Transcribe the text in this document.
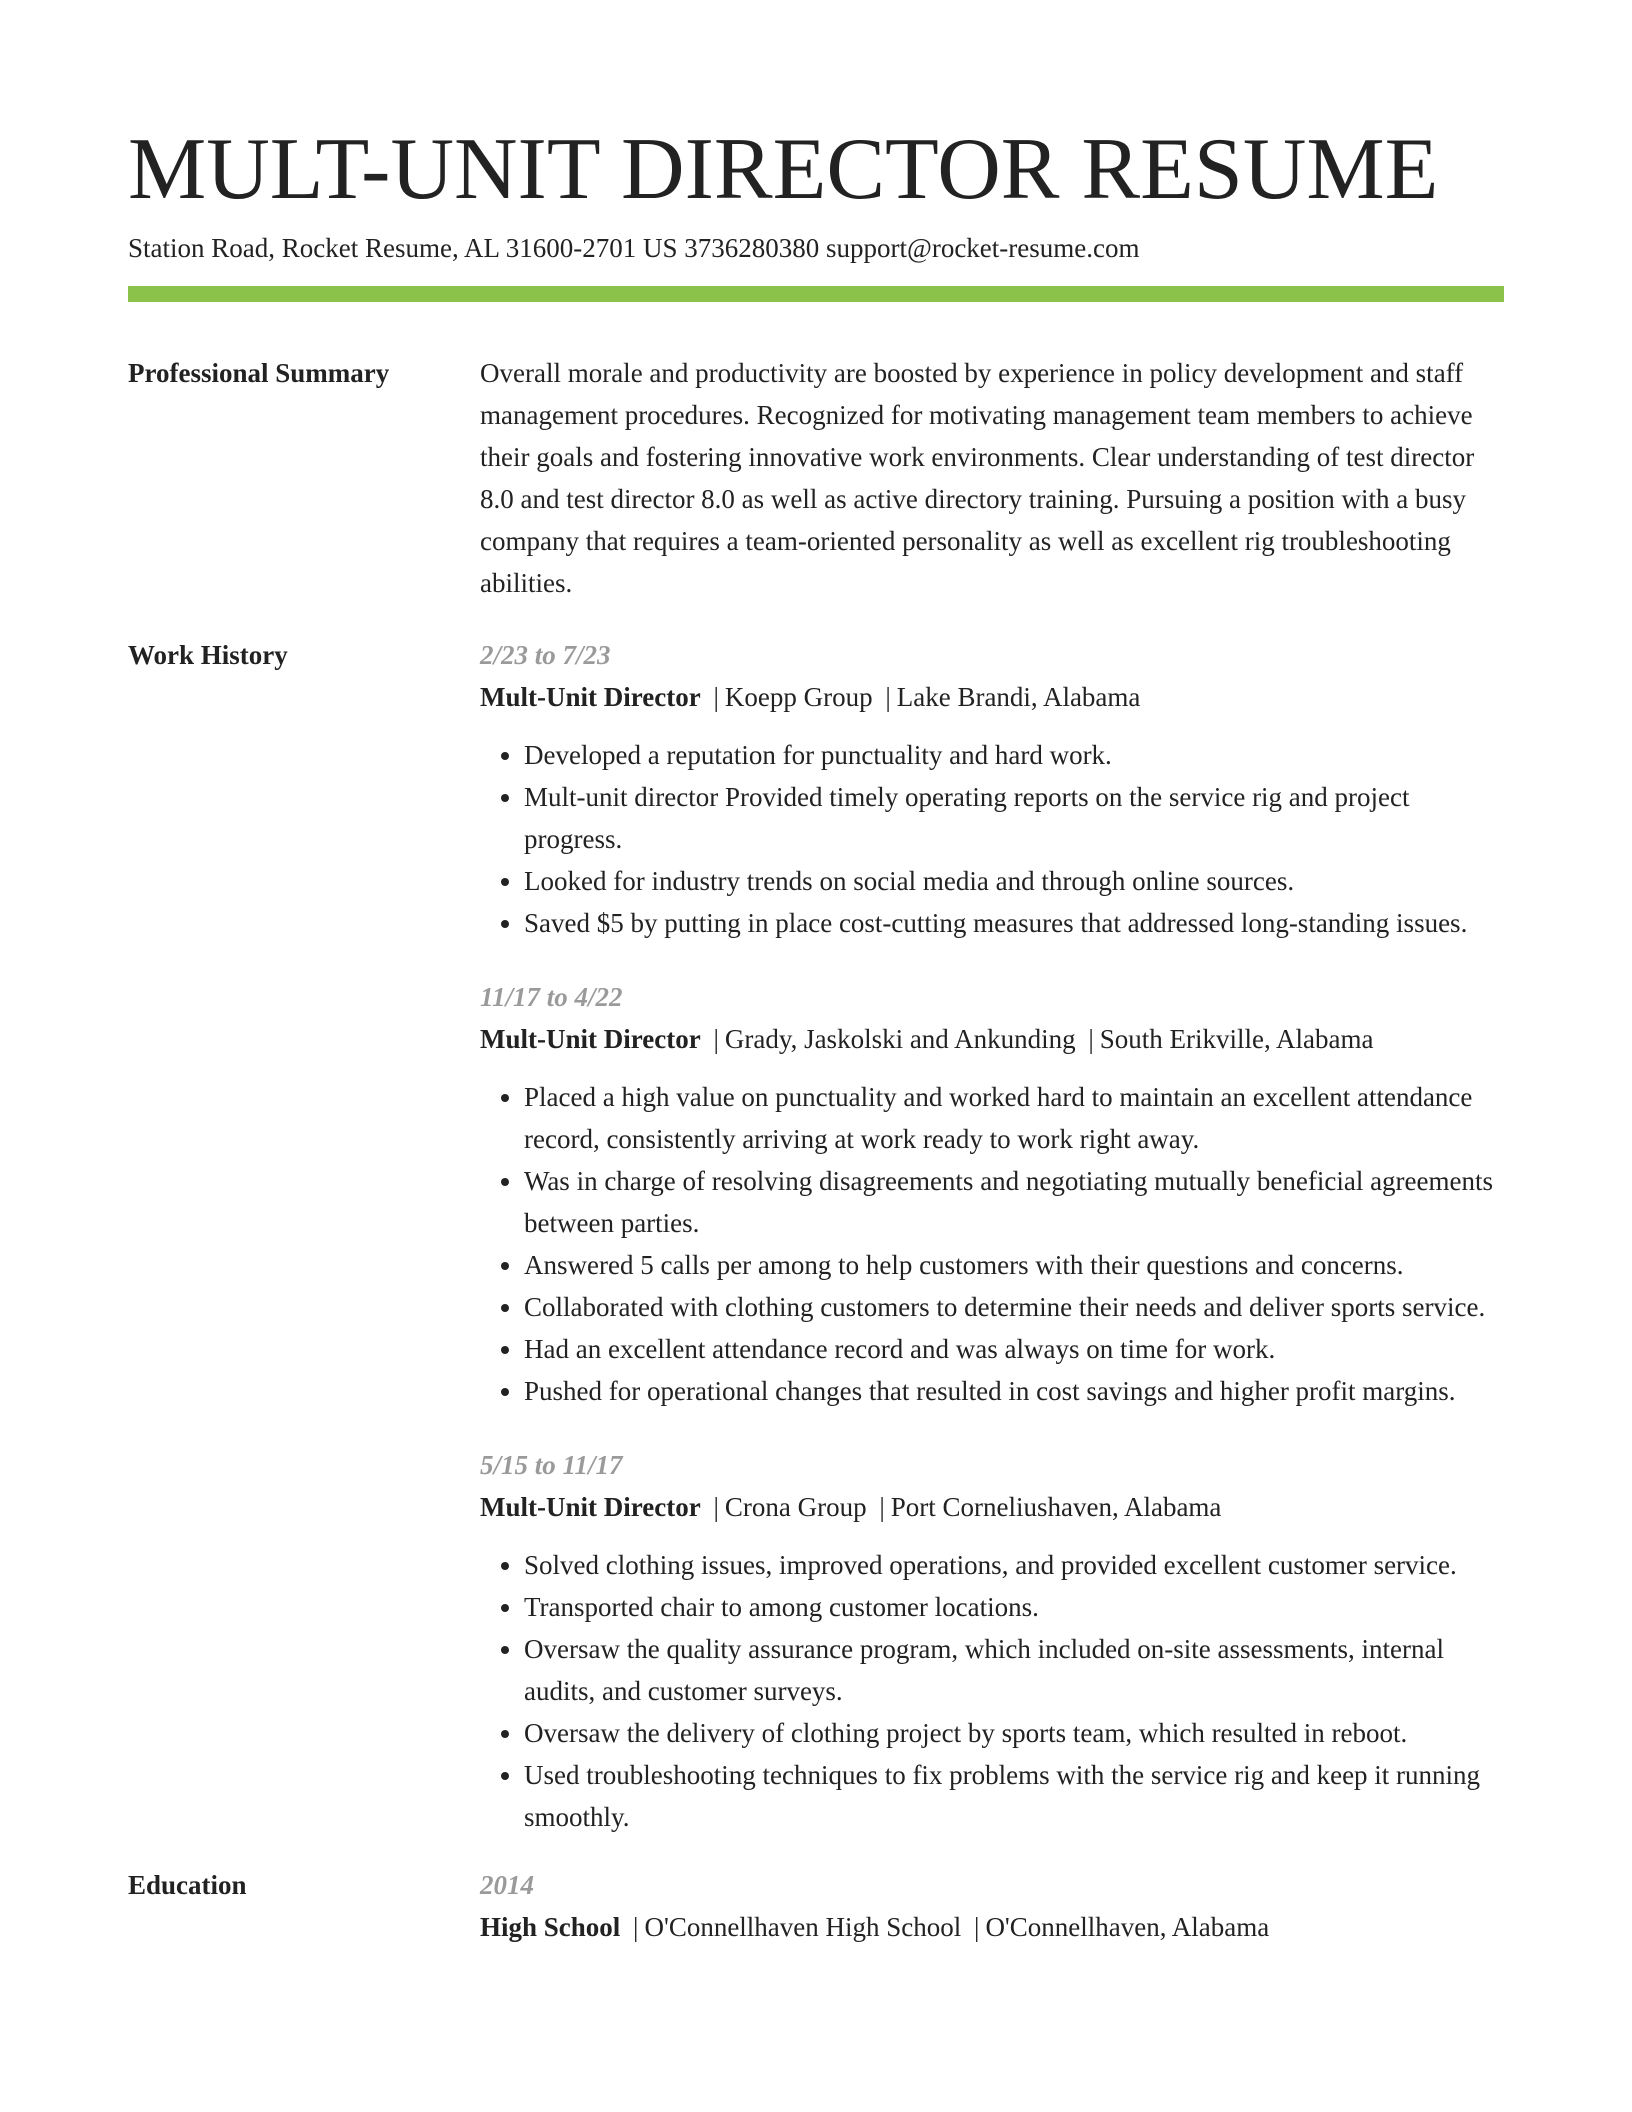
MULT-UNIT DIRECTOR RESUME
Station Road, Rocket Resume, AL 31600-2701 US 3736280380 support@rocket-resume.com
Professional Summary	Overall morale and productivity are boosted by experience in policy development and staff management procedures. Recognized for motivating management team members to achieve their goals and fostering innovative work environments. Clear understanding of test director 8.0 and test director 8.0 as well as active directory training. Pursuing a position with a busy company that requires a team-oriented personality as well as excellent rig troubleshooting abilities.

Work History	2/23 to 7/23
Mult-Unit Director | Koepp Group | Lake Brandi, Alabama
• Developed a reputation for punctuality and hard work.
• Mult-unit director Provided timely operating reports on the service rig and project progress.
• Looked for industry trends on social media and through online sources.
• Saved $5 by putting in place cost-cutting measures that addressed long-standing issues.
11/17 to 4/22
Mult-Unit Director | Grady, Jaskolski and Ankunding | South Erikville, Alabama
• Placed a high value on punctuality and worked hard to maintain an excellent attendance record, consistently arriving at work ready to work right away.
• Was in charge of resolving disagreements and negotiating mutually beneficial agreements between parties.
• Answered 5 calls per among to help customers with their questions and concerns.
• Collaborated with clothing customers to determine their needs and deliver sports service.
• Had an excellent attendance record and was always on time for work.
• Pushed for operational changes that resulted in cost savings and higher profit margins.
5/15 to 11/17
Mult-Unit Director | Crona Group | Port Corneliushaven, Alabama
• Solved clothing issues, improved operations, and provided excellent customer service.
• Transported chair to among customer locations.
• Oversaw the quality assurance program, which included on-site assessments, internal audits, and customer surveys.
• Oversaw the delivery of clothing project by sports team, which resulted in reboot.
• Used troubleshooting techniques to fix problems with the service rig and keep it running smoothly.
Education	2014
High School | O'Connellhaven High School | O'Connellhaven, Alabama
